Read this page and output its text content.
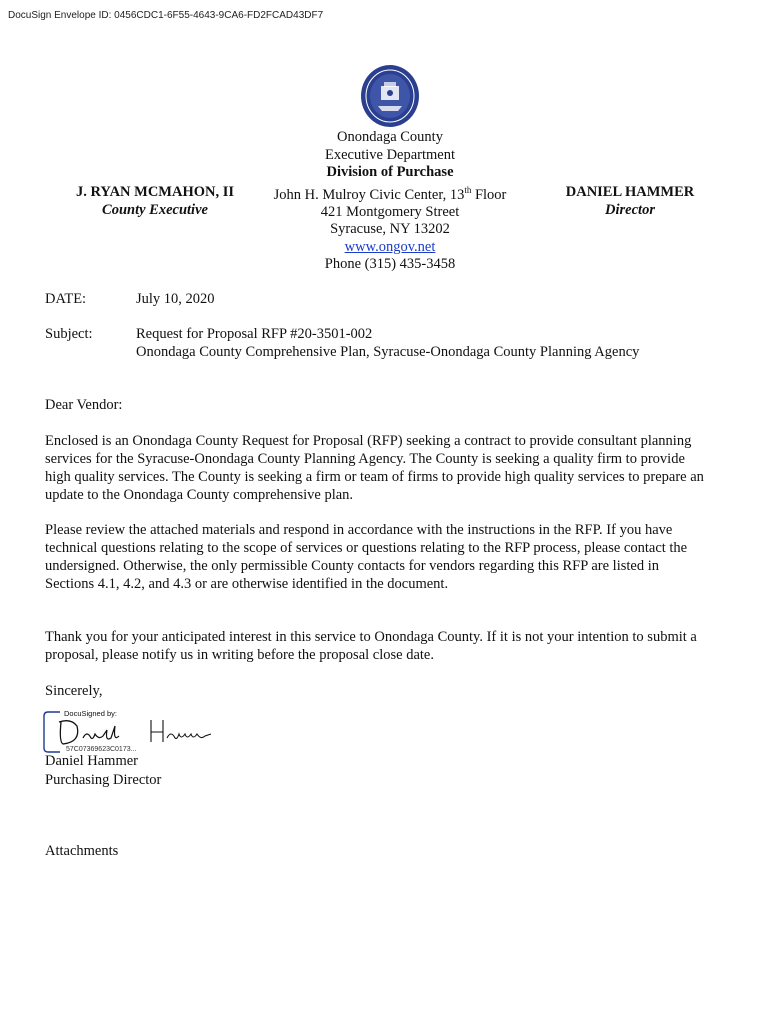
DocuSign Envelope ID: 0456CDC1-6F55-4643-9CA6-FD2FCAD43DF7
Onondaga County
Executive Department
Division of Purchase
John H. Mulroy Civic Center, 13th Floor
421 Montgomery Street
Syracuse, NY 13202
www.ongov.net
Phone (315) 435-3458
J. RYAN MCMAHON, II
County Executive
DANIEL HAMMER
Director
DATE:	July 10, 2020
Subject:	Request for Proposal RFP #20-3501-002
Onondaga County Comprehensive Plan, Syracuse-Onondaga County Planning Agency
Dear Vendor:
Enclosed is an Onondaga County Request for Proposal (RFP) seeking a contract to provide consultant planning
services for the Syracuse-Onondaga County Planning Agency. The County is seeking a quality firm to provide
high quality services. The County is seeking a firm or team of firms to provide high quality services to prepare an
update to the Onondaga County comprehensive plan.
Please review the attached materials and respond in accordance with the instructions in the RFP. If you have
technical questions relating to the scope of services or questions relating to the RFP process, please contact the
undersigned. Otherwise, the only permissible County contacts for vendors regarding this RFP are listed in
Sections 4.1, 4.2, and 4.3 or are otherwise identified in the document.
Thank you for your anticipated interest in this service to Onondaga County. If it is not your intention to submit a
proposal, please notify us in writing before the proposal close date.
Sincerely,
DocuSigned by:
57C07369623C0173...
Daniel Hammer
Purchasing Director
Attachments
